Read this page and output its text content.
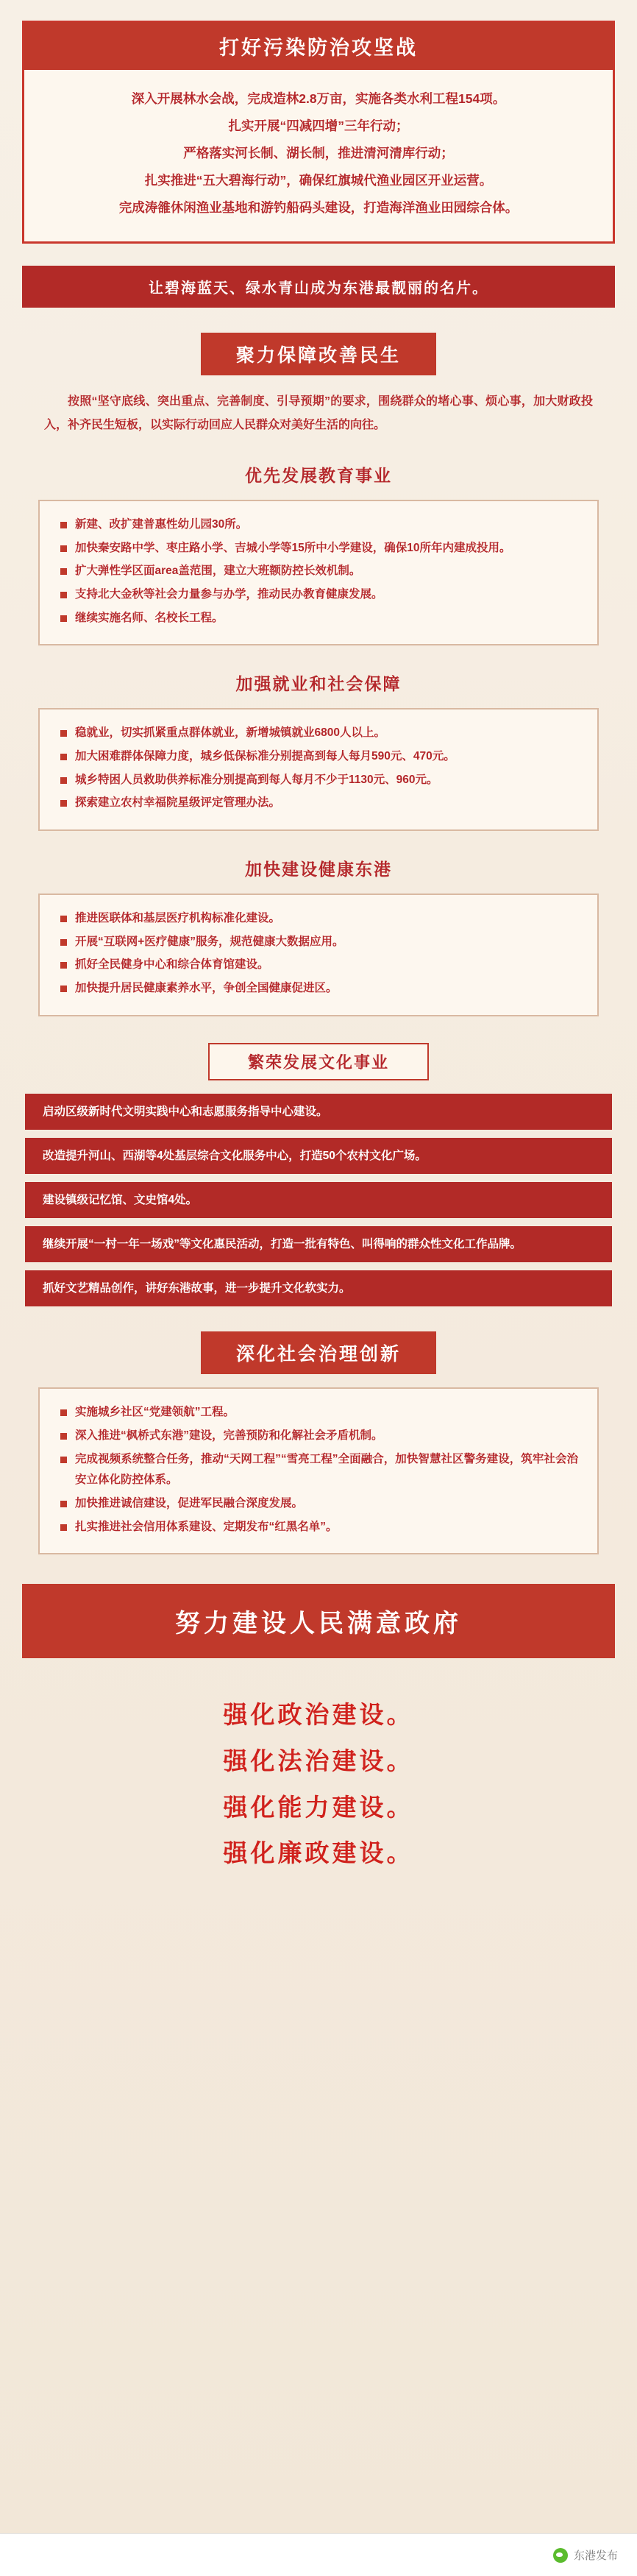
打好污染防治攻坚战

深入开展林水会战，完成造林2.8万亩，实施各类水利工程154项。

扎实开展“四减四增”三年行动；

严格落实河长制、湖长制，推进清河清库行动；

扎实推进“五大碧海行动”，确保红旗城代渔业园区开业运营。

完成涛雒休闲渔业基地和游钓船码头建设，打造海洋渔业田园综合体。

让碧海蓝天、绿水青山成为东港最靓丽的名片。
聚力保障改善民生
按照“坚守底线、突出重点、完善制度、引导预期”的要求，围绕群众的堵心事、烦心事，加大财政投入，补齐民生短板，以实际行动回应人民群众对美好生活的向往。
优先发展教育事业
新建、改扩建普惠性幼儿园30所。
加快秦安路中学、枣庄路小学、吉城小学等15所中小学建设，确保10所年内建成投用。
扩大弹性学区面area盖范围，建立大班额防控长效机制。
支持北大金秋等社会力量参与办学，推动民办教育健康发展。
继续实施名师、名校长工程。
加强就业和社会保障
稳就业，切实抓紧重点群体就业，新增城镇就业6800人以上。
加大困难群体保障力度，城乡低保标准分别提高到每人每月590元、470元。
城乡特困人员救助供养标准分别提高到每人每月不少于1130元、960元。
探索建立农村幸福院星级评定管理办法。
加快建设健康东港
推进医联体和基层医疗机构标准化建设。
开展“互联网+医疗健康”服务，规范健康大数据应用。
抓好全民健身中心和综合体育馆建设。
加快提升居民健康素养水平，争创全国健康促进区。
繁荣发展文化事业
启动区级新时代文明实践中心和志愿服务指导中心建设。
改造提升河山、西湖等4处基层综合文化服务中心，打造50个农村文化广场。
建设镇级记忆馆、文史馆4处。
继续开展“一村一年一场戏”等文化惠民活动，打造一批有特色、叫得响的群众性文化工作品牌。
抓好文艺精品创作，讲好东港故事，进一步提升文化软实力。
深化社会治理创新
实施城乡社区“党建领航”工程。
深入推进“枫桥式东港”建设，完善预防和化解社会矛盾机制。
完成视频系统整合任务，推动“天网工程”“雪亮工程”全面融合，加快智慧社区警务建设，筑牢社会治安立体化防控体系。
加快推进诚信建设，促进军民融合深度发展。
扎实推进社会信用体系建设、定期发布“红黑名单”。
努力建设人民满意政府
强化政治建设。
强化法治建设。
强化能力建设。
强化廉政建设。
东港发布
